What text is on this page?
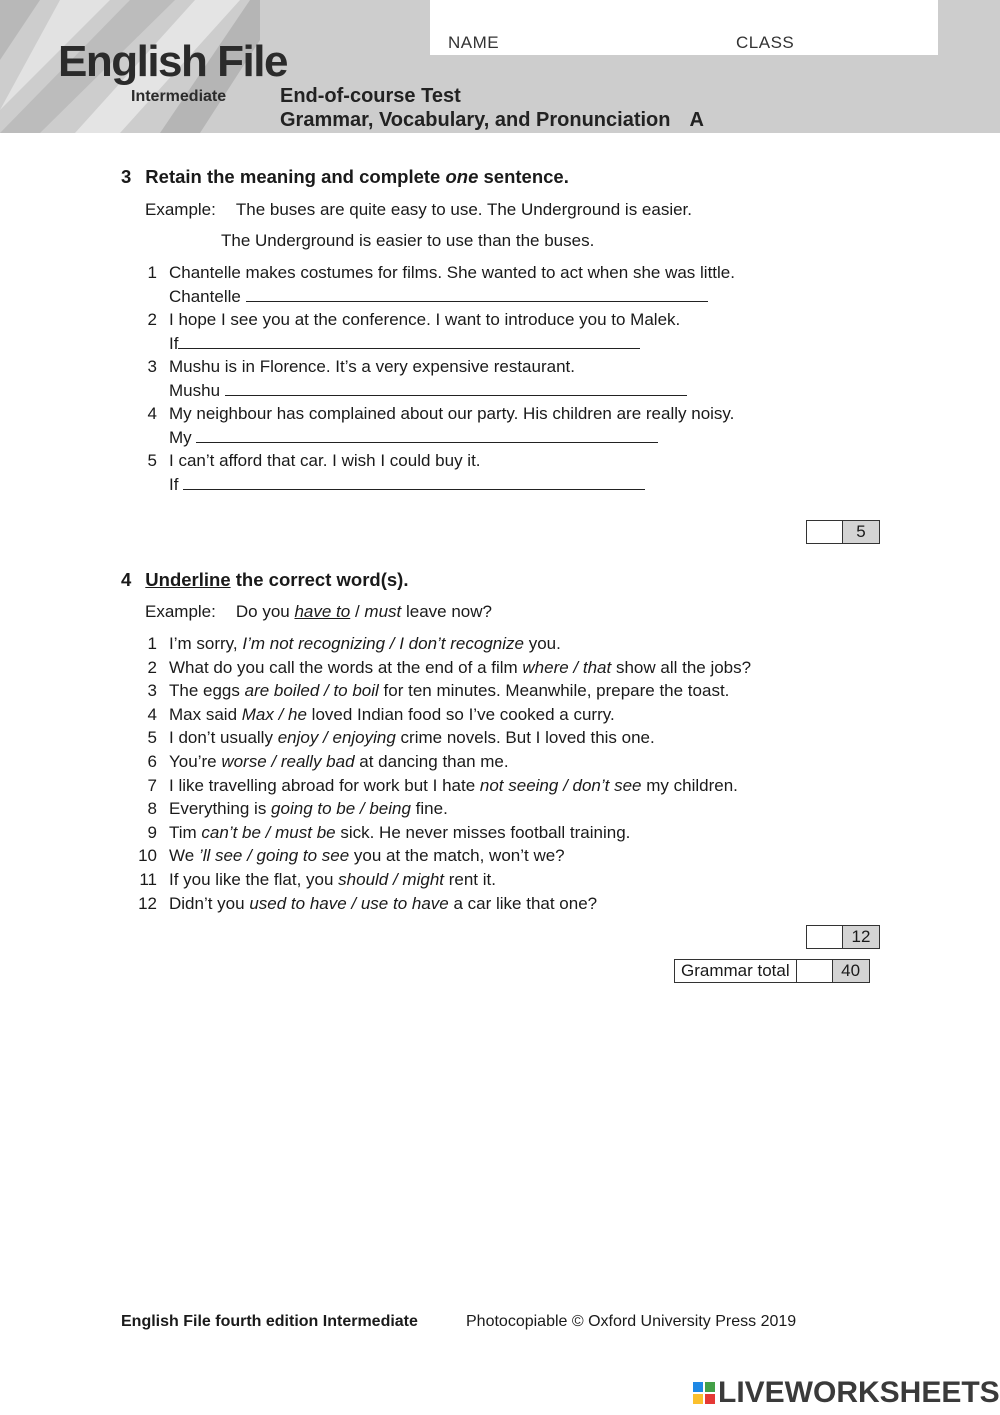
English File
Intermediate
NAME	CLASS
End-of-course Test
Grammar, Vocabulary, and Pronunciation A
3 Retain the meaning and complete one sentence.
Example: The buses are quite easy to use. The Underground is easier.
The Underground is easier to use than the buses.
1 Chantelle makes costumes for films. She wanted to act when she was little.
Chantelle
2 I hope I see you at the conference. I want to introduce you to Malek.
If
3 Mushu is in Florence. It’s a very expensive restaurant.
Mushu
4 My neighbour has complained about our party. His children are really noisy.
My
5 I can’t afford that car. I wish I could buy it.
If
5
4 Underline the correct word(s).
Example: Do you have to / must leave now?
1 I’m sorry, I’m not recognizing / I don’t recognize you.
2 What do you call the words at the end of a film where / that show all the jobs?
3 The eggs are boiled / to boil for ten minutes. Meanwhile, prepare the toast.
4 Max said Max / he loved Indian food so I’ve cooked a curry.
5 I don’t usually enjoy / enjoying crime novels. But I loved this one.
6 You’re worse / really bad at dancing than me.
7 I like travelling abroad for work but I hate not seeing / don’t see my children.
8 Everything is going to be / being fine.
9 Tim can’t be / must be sick. He never misses football training.
10 We ’ll see / going to see you at the match, won’t we?
11 If you like the flat, you should / might rent it.
12 Didn’t you used to have / use to have a car like that one?
12
Grammar total	40
English File fourth edition Intermediate	Photocopiable © Oxford University Press 2019
LIVEWORKSHEETS
